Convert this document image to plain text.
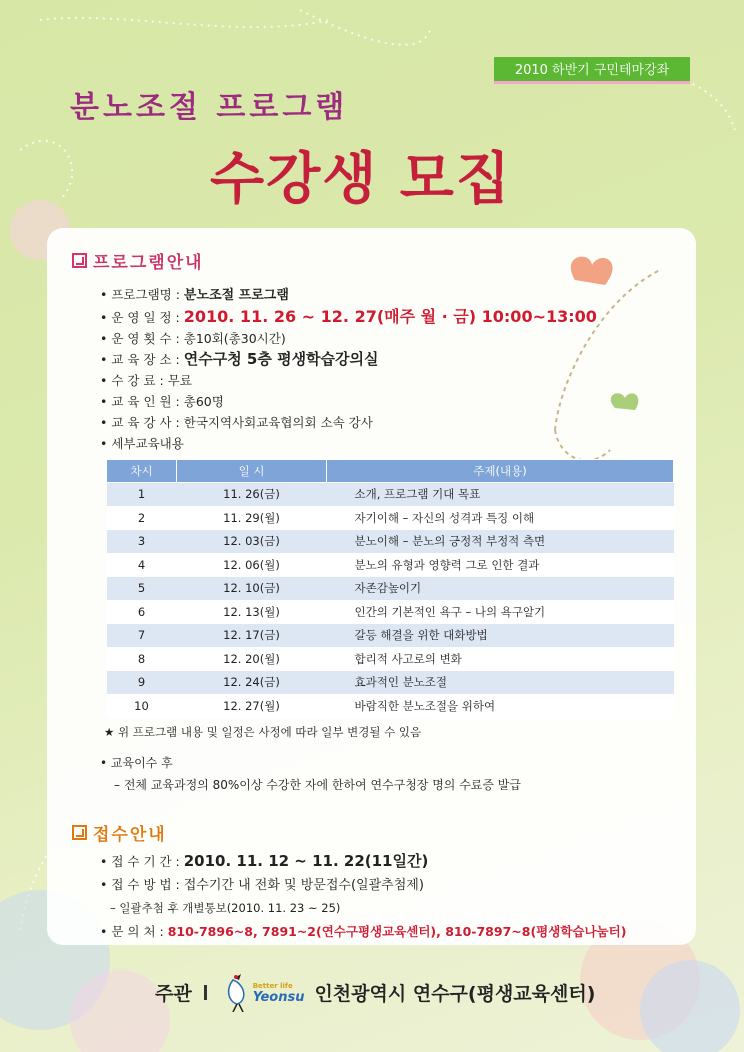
2010 하반기 구민테마강좌
분노조절 프로그램
수강생 모집
프로그램안내
• 프로그램명 : 분노조절 프로그램
• 운 영 일 정 : 2010. 11. 26 ~ 12. 27(매주 월 · 금) 10:00~13:00
• 운 영 횟 수 : 총10회(총30시간)
• 교 육 장 소 : 연수구청 5층 평생학습강의실
• 수 강 료 : 무료
• 교 육 인 원 : 총60명
• 교 육 강 사 : 한국지역사회교육협의회 소속 강사
• 세부교육내용
차시	일 시	주제(내용)
1	11. 26(금)	소개, 프로그램 기대 목표
2	11. 29(월)	자기이해 – 자신의 성격과 특징 이해
3	12. 03(금)	분노이해 – 분노의 긍정적 부정적 측면
4	12. 06(월)	분노의 유형과 영향력 그로 인한 결과
5	12. 10(금)	자존감높이기
6	12. 13(월)	인간의 기본적인 욕구 – 나의 욕구알기
7	12. 17(금)	갈등 해결을 위한 대화방법
8	12. 20(월)	합리적 사고로의 변화
9	12. 24(금)	효과적인 분노조절
10	12. 27(월)	바람직한 분노조절을 위하여
★ 위 프로그램 내용 및 일정은 사정에 따라 일부 변경될 수 있음
• 교육이수 후
– 전체 교육과정의 80%이상 수강한 자에 한하여 연수구청장 명의 수료증 발급
접수안내
• 접 수 기 간 : 2010. 11. 12 ~ 11. 22(11일간)
• 접 수 방 법 : 접수기간 내 전화 및 방문접수(일괄추첨제)
– 일괄추첨 후 개별통보(2010. 11. 23 ~ 25)
• 문 의 처 : 810-7896~8, 7891~2(연수구평생교육센터), 810-7897~8(평생학습나눔터)
주관	Better life
Yeonsu 인천광역시 연수구(평생교육센터)
